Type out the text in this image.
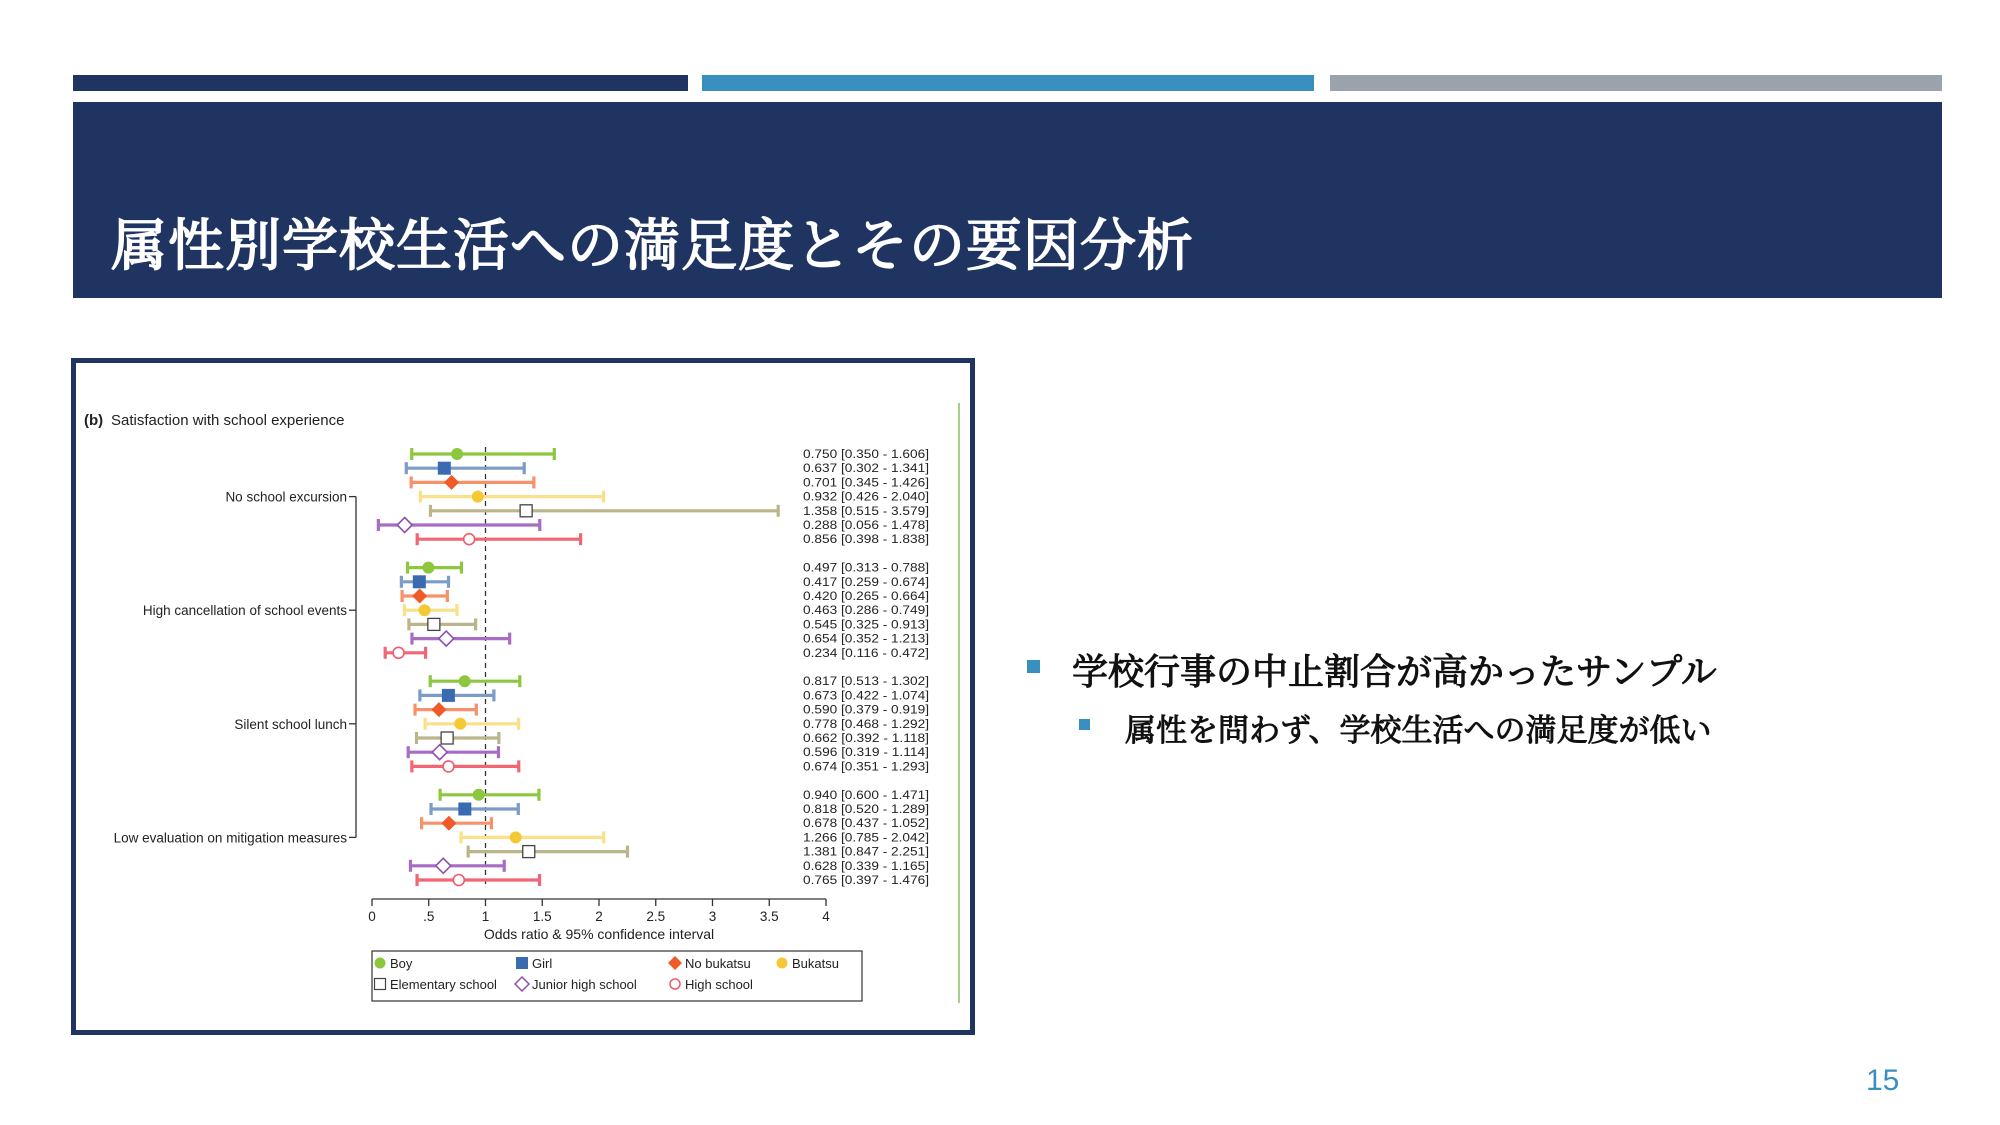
属性別学校生活への満足度とその要因分析
(b) Satisfaction with school experience
No school excursion
0.750 [0.350 - 1.606]
0.637 [0.302 - 1.341]
0.701 [0.345 - 1.426]
0.932 [0.426 - 2.040]
1.358 [0.515 - 3.579]
0.288 [0.056 - 1.478]
0.856 [0.398 - 1.838]
High cancellation of school events
0.497 [0.313 - 0.788]
0.417 [0.259 - 0.674]
0.420 [0.265 - 0.664]
0.463 [0.286 - 0.749]
0.545 [0.325 - 0.913]
0.654 [0.352 - 1.213]
0.234 [0.116 - 0.472]
Silent school lunch
0.817 [0.513 - 1.302]
0.673 [0.422 - 1.074]
0.590 [0.379 - 0.919]
0.778 [0.468 - 1.292]
0.662 [0.392 - 1.118]
0.596 [0.319 - 1.114]
0.674 [0.351 - 1.293]
Low evaluation on mitigation measures
0.940 [0.600 - 1.471]
0.818 [0.520 - 1.289]
0.678 [0.437 - 1.052]
1.266 [0.785 - 2.042]
1.381 [0.847 - 2.251]
0.628 [0.339 - 1.165]
0.765 [0.397 - 1.476]
0	.5	1	1.5	2	2.5	3	3.5	4
Odds ratio & 95% confidence interval
Boy	Girl	No bukatsu	Bukatsu
Elementary school	Junior high school	High school
学校行事の中止割合が高かったサンプル
属性を問わず、学校生活への満足度が低い
15
